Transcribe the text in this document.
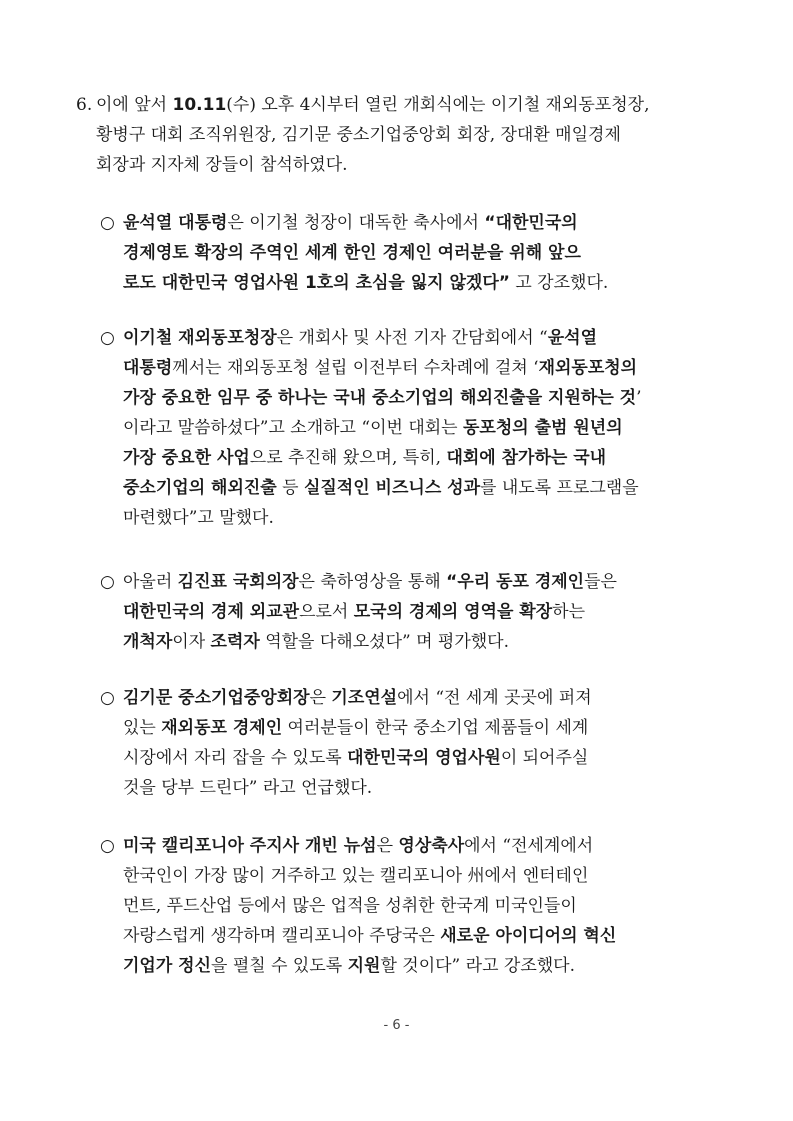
6. 이에 앞서 10.11(수) 오후 4시부터 열린 개회식에는 이기철 재외동포청장,
황병구 대회 조직위원장, 김기문 중소기업중앙회 회장, 장대환 매일경제
회장과 지자체 장들이 참석하였다.
○ 윤석열 대통령은 이기철 청장이 대독한 축사에서 “대한민국의
경제영토 확장의 주역인 세계 한인 경제인 여러분을 위해 앞으
로도 대한민국 영업사원 1호의 초심을 잃지 않겠다” 고 강조했다.
○ 이기철 재외동포청장은 개회사 및 사전 기자 간담회에서 “윤석열
대통령께서는 재외동포청 설립 이전부터 수차례에 걸쳐 ‘재외동포청의
가장 중요한 임무 중 하나는 국내 중소기업의 해외진출을 지원하는 것’
이라고 말씀하셨다”고 소개하고 “이번 대회는 동포청의 출범 원년의
가장 중요한 사업으로 추진해 왔으며, 특히, 대회에 참가하는 국내
중소기업의 해외진출 등 실질적인 비즈니스 성과를 내도록 프로그램을
마련했다”고 말했다.
○ 아울러 김진표 국회의장은 축하영상을 통해 “우리 동포 경제인들은
대한민국의 경제 외교관으로서 모국의 경제의 영역을 확장하는
개척자이자 조력자 역할을 다해오셨다” 며 평가했다.
○ 김기문 중소기업중앙회장은 기조연설에서 “전 세계 곳곳에 퍼져
있는 재외동포 경제인 여러분들이 한국 중소기업 제품들이 세계
시장에서 자리 잡을 수 있도록 대한민국의 영업사원이 되어주실
것을 당부 드린다” 라고 언급했다.
○ 미국 캘리포니아 주지사 개빈 뉴섬은 영상축사에서 “전세계에서
한국인이 가장 많이 거주하고 있는 캘리포니아 州에서 엔터테인
먼트, 푸드산업 등에서 많은 업적을 성취한 한국계 미국인들이
자랑스럽게 생각하며 캘리포니아 주당국은 새로운 아이디어의 혁신
기업가 정신을 펼칠 수 있도록 지원할 것이다” 라고 강조했다.
- 6 -
